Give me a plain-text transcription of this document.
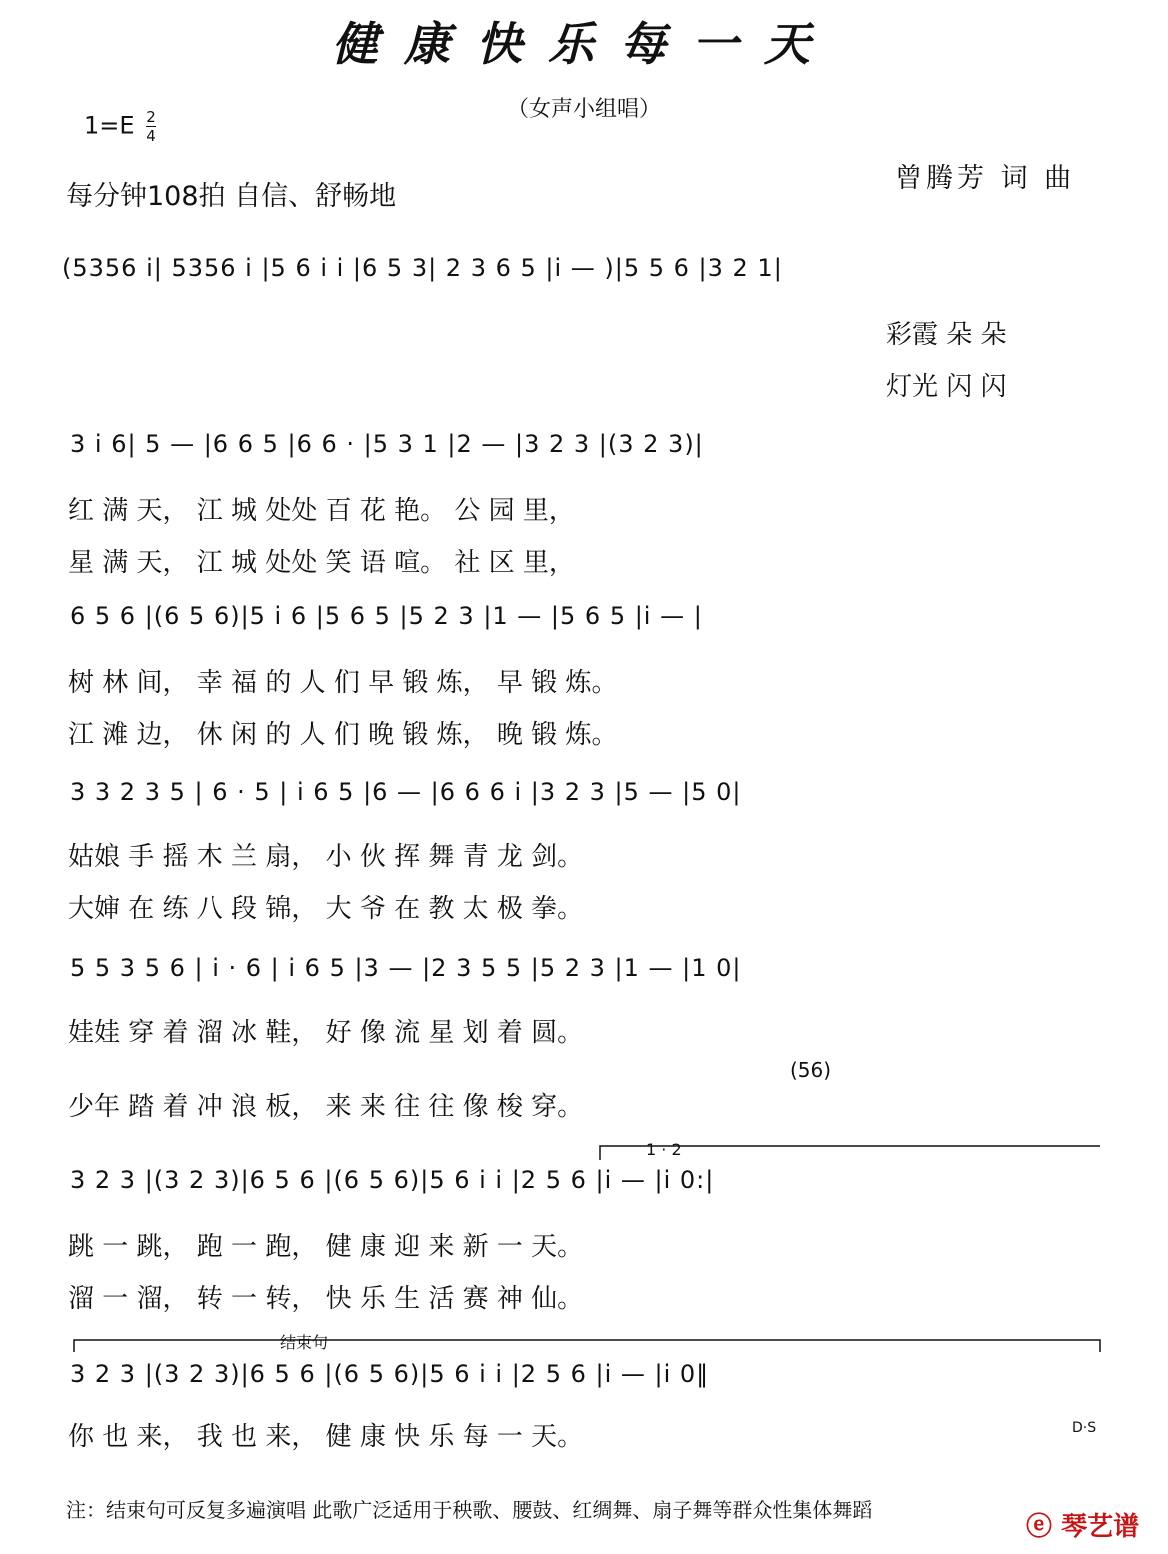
健康快乐每一天
（女声小组唱）
$1=E \frac{2}{4}$
每分钟108拍 自信、舒畅地
曾腾芳 词 曲
(5356 i| 5356 i |5 6 i i |6 5 3| 2 3 6 5 |i — )|5 5 6 |3 2 1|
彩霞 朵 朵
灯光 闪 闪
3 i 6| 5 — |6 6 5 |6 6 · |5 3 1 |2 — |3 2 3 |(3 2 3)|
红 满 天， 江 城 处处 百 花 艳。 公 园 里，
星 满 天， 江 城 处处 笑 语 喧。 社 区 里，
6 5 6 |(6 5 6)|5 i 6 |5 6 5 |5 2 3 |1 — |5 6 5 |i — |
树 林 间， 幸 福 的 人 们 早 锻 炼， 早 锻 炼。
江 滩 边， 休 闲 的 人 们 晚 锻 炼， 晚 锻 炼。
3 3 2 3 5 | 6 · 5 | i 6 5 |6 — |6 6 6 i |3 2 3 |5 — |5 0|
姑娘 手 摇 木 兰 扇， 小 伙 挥 舞 青 龙 剑。
大婶 在 练 八 段 锦， 大 爷 在 教 太 极 拳。
5 5 3 5 6 | i · 6 | i 6 5 |3 — |2 3 5 5 |5 2 3 |1 — |1 0|
娃娃 穿 着 溜 冰 鞋， 好 像 流 星 划 着 圆。
(56)
少年 踏 着 冲 浪 板， 来 来 往 往 像 梭 穿。
1 · 2
3 2 3 |(3 2 3)|6 5 6 |(6 5 6)|5 6 i i |2 5 6 |i — |i 0:|
跳 一 跳， 跑 一 跑， 健 康 迎 来 新 一 天。
溜 一 溜， 转 一 转， 快 乐 生 活 赛 神 仙。
结束句
3 2 3 |(3 2 3)|6 5 6 |(6 5 6)|5 6 i i |2 5 6 |i — |i 0‖
你 也 来， 我 也 来， 健 康 快 乐 每 一 天。	D·S
注：结束句可反复多遍演唱 此歌广泛适用于秧歌、腰鼓、红绸舞、扇子舞等群众性集体舞蹈
ⓔ 琴艺谱
